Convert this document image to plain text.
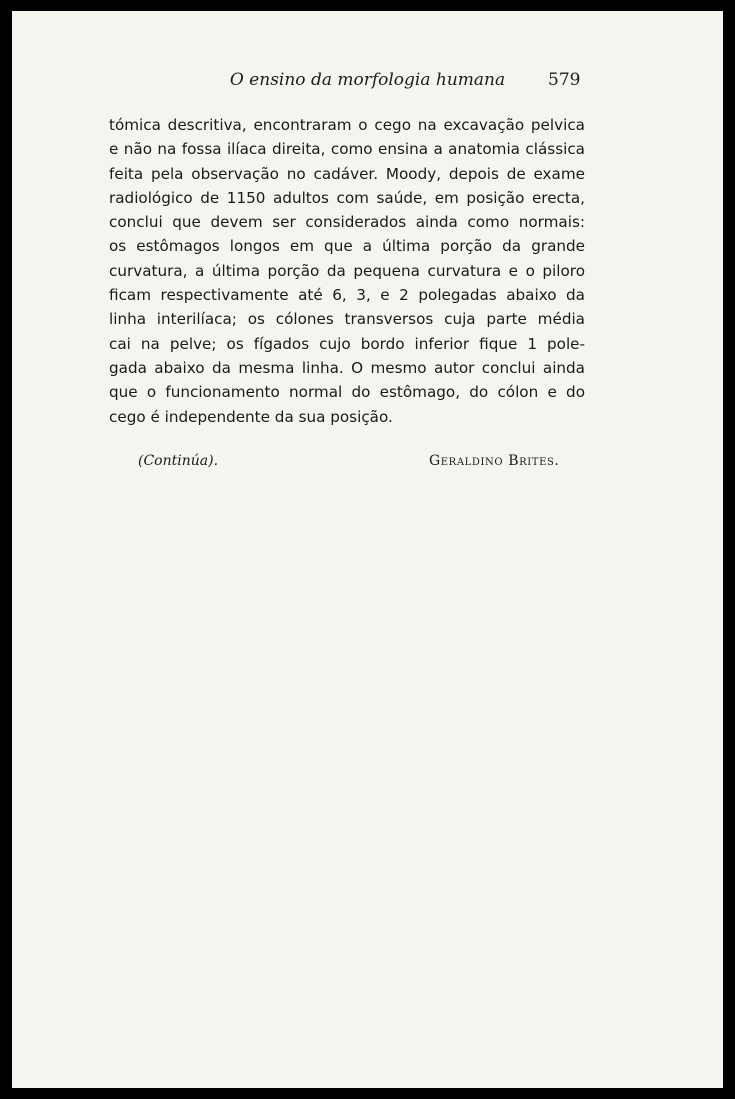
O ensino da morfologia humana	579
tómica descritiva, encontraram o cego na excavação pelvica
e não na fossa ilíaca direita, como ensina a anatomia clássica
feita pela observação no cadáver. Moody, depois de exame
radiológico de 1150 adultos com saúde, em posição erecta,
conclui que devem ser considerados ainda como normais:
os estômagos longos em que a última porção da grande
curvatura, a última porção da pequena curvatura e o piloro
ficam respectivamente até 6, 3, e 2 polegadas abaixo da
linha interilíaca; os cólones transversos cuja parte média
cai na pelve; os fígados cujo bordo inferior fique 1 pole-
gada abaixo da mesma linha. O mesmo autor conclui ainda
que o funcionamento normal do estômago, do cólon e do
cego é independente da sua posição.
(Continúa).	Geraldino Brites.
